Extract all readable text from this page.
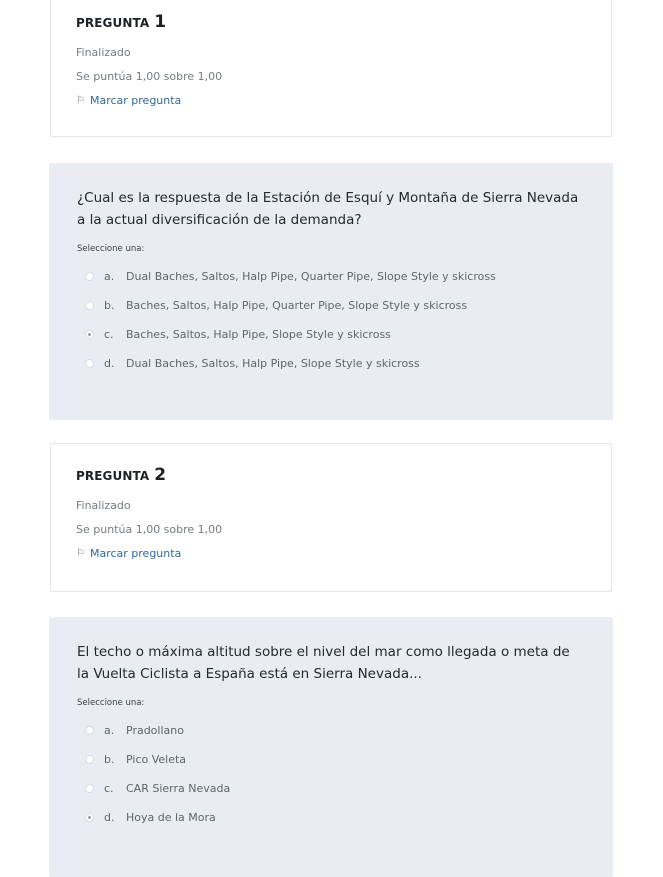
PREGUNTA 1
Finalizado
Se puntúa 1,00 sobre 1,00
⚐ Marcar pregunta
¿Cual es la respuesta de la Estación de Esquí y Montaña de Sierra Nevada a la actual diversificación de la demanda?
Seleccione una:
a.	Dual Baches, Saltos, Halp Pipe, Quarter Pipe, Slope Style y skicross
b.	Baches, Saltos, Halp Pipe, Quarter Pipe, Slope Style y skicross
c.	Baches, Saltos, Halp Pipe, Slope Style y skicross
d.	Dual Baches, Saltos, Halp Pipe, Slope Style y skicross
PREGUNTA 2
Finalizado
Se puntúa 1,00 sobre 1,00
⚐ Marcar pregunta
El techo o máxima altitud sobre el nivel del mar como llegada o meta de la Vuelta Ciclista a España está en Sierra Nevada...
Seleccione una:
a.	Pradollano
b.	Pico Veleta
c.	CAR Sierra Nevada
d.	Hoya de la Mora
